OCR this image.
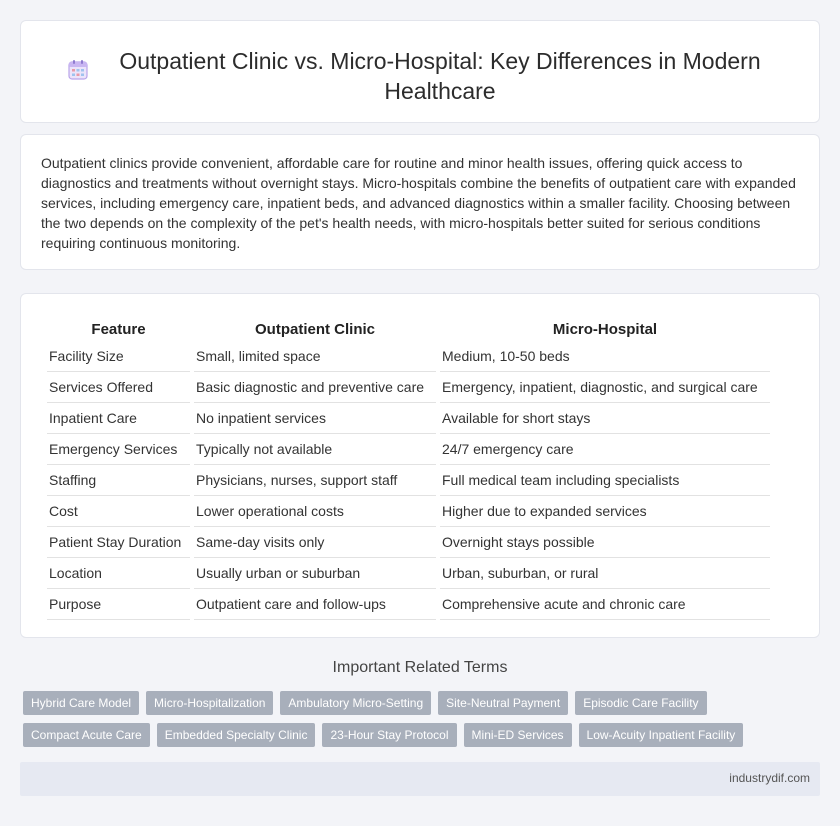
Outpatient Clinic vs. Micro-Hospital: Key Differences in Modern Healthcare

Outpatient clinics provide convenient, affordable care for routine and minor health issues, offering quick access to diagnostics and treatments without overnight stays. Micro-hospitals combine the benefits of outpatient care with expanded services, including emergency care, inpatient beds, and advanced diagnostics within a smaller facility. Choosing between the two depends on the complexity of the pet's health needs, with micro-hospitals better suited for serious conditions requiring continuous monitoring.

Feature	Outpatient Clinic	Micro-Hospital
Facility Size	Small, limited space	Medium, 10-50 beds
Services Offered	Basic diagnostic and preventive care	Emergency, inpatient, diagnostic, and surgical care
Inpatient Care	No inpatient services	Available for short stays
Emergency Services	Typically not available	24/7 emergency care
Staffing	Physicians, nurses, support staff	Full medical team including specialists
Cost	Lower operational costs	Higher due to expanded services
Patient Stay Duration	Same-day visits only	Overnight stays possible
Location	Usually urban or suburban	Urban, suburban, or rural
Purpose	Outpatient care and follow-ups	Comprehensive acute and chronic care
Important Related Terms
Hybrid Care Model	Micro-Hospitalization	Ambulatory Micro-Setting	Site-Neutral Payment	Episodic Care Facility
Compact Acute Care	Embedded Specialty Clinic	23-Hour Stay Protocol	Mini-ED Services	Low-Acuity Inpatient Facility
industrydif.com
